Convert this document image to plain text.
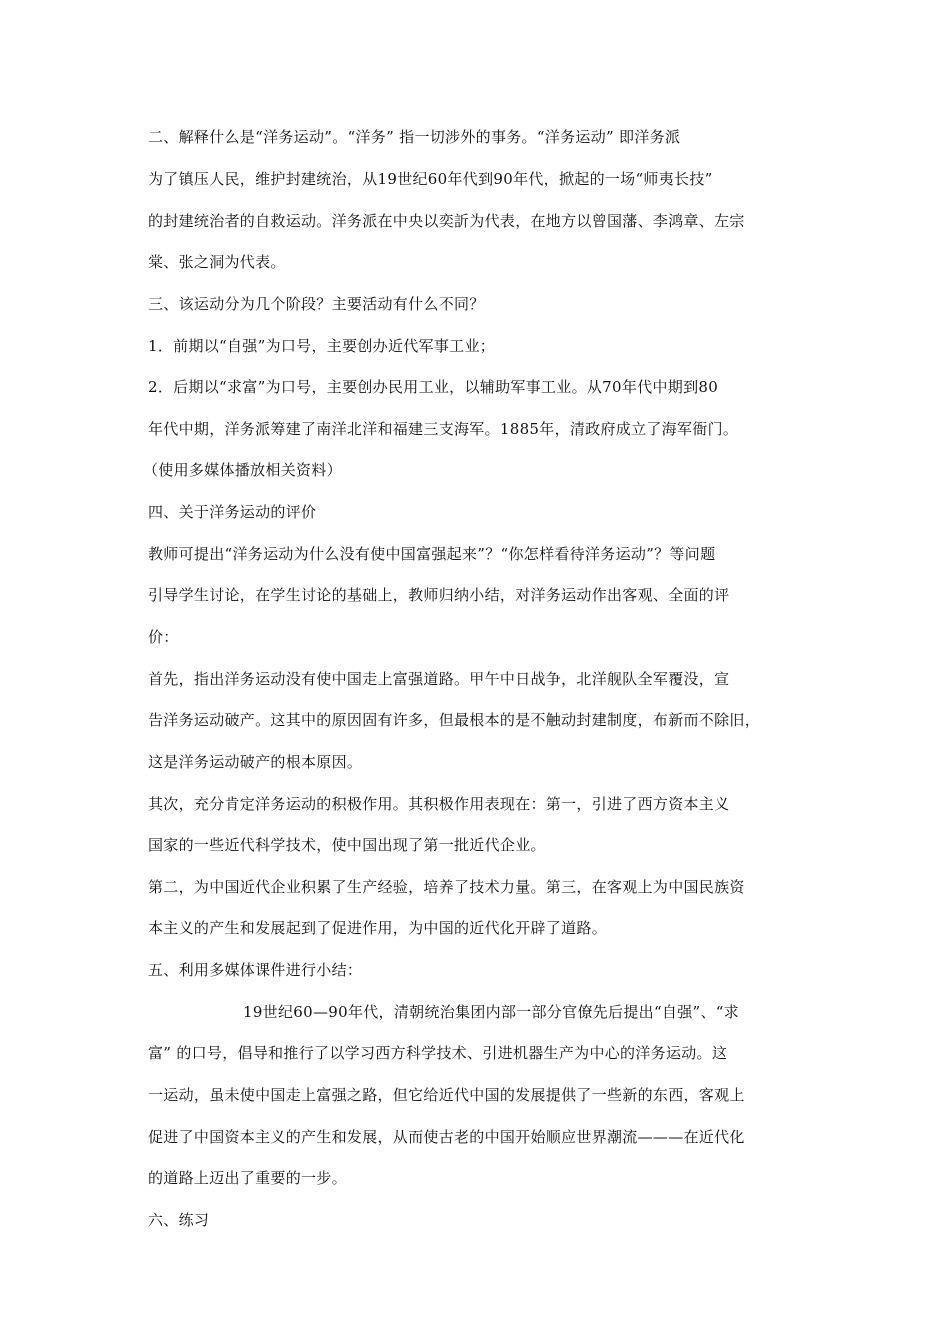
二、解释什么是“洋务运动”。“洋务” 指一切涉外的事务。“洋务运动” 即洋务派
为了镇压人民，维护封建统治，从19世纪60年代到90年代，掀起的一场“师夷长技”
的封建统治者的自救运动。洋务派在中央以奕訢为代表，在地方以曾国藩、李鸿章、左宗
棠、张之洞为代表。
三、该运动分为几个阶段？主要活动有什么不同？
1．前期以“自强”为口号，主要创办近代军事工业；
2．后期以“求富”为口号，主要创办民用工业，以辅助军事工业。从70年代中期到80
年代中期，洋务派筹建了南洋北洋和福建三支海军。1885年，清政府成立了海军衙门。
（使用多媒体播放相关资料）
四、关于洋务运动的评价
教师可提出“洋务运动为什么没有使中国富强起来”？“你怎样看待洋务运动”？等问题
引导学生讨论，在学生讨论的基础上，教师归纳小结，对洋务运动作出客观、全面的评
价：
首先，指出洋务运动没有使中国走上富强道路。甲午中日战争，北洋舰队全军覆没，宣
告洋务运动破产。这其中的原因固有许多，但最根本的是不触动封建制度，布新而不除旧，
这是洋务运动破产的根本原因。
其次，充分肯定洋务运动的积极作用。其积极作用表现在：第一，引进了西方资本主义
国家的一些近代科学技术，使中国出现了第一批近代企业。
第二，为中国近代企业积累了生产经验，培养了技术力量。第三，在客观上为中国民族资
本主义的产生和发展起到了促进作用，为中国的近代化开辟了道路。
五、利用多媒体课件进行小结：
19世纪60—90年代，清朝统治集团内部一部分官僚先后提出“自强”、“求
富” 的口号，倡导和推行了以学习西方科学技术、引进机器生产为中心的洋务运动。这
一运动，虽未使中国走上富强之路，但它给近代中国的发展提供了一些新的东西，客观上
促进了中国资本主义的产生和发展，从而使古老的中国开始顺应世界潮流———在近代化
的道路上迈出了重要的一步。
六、练习
